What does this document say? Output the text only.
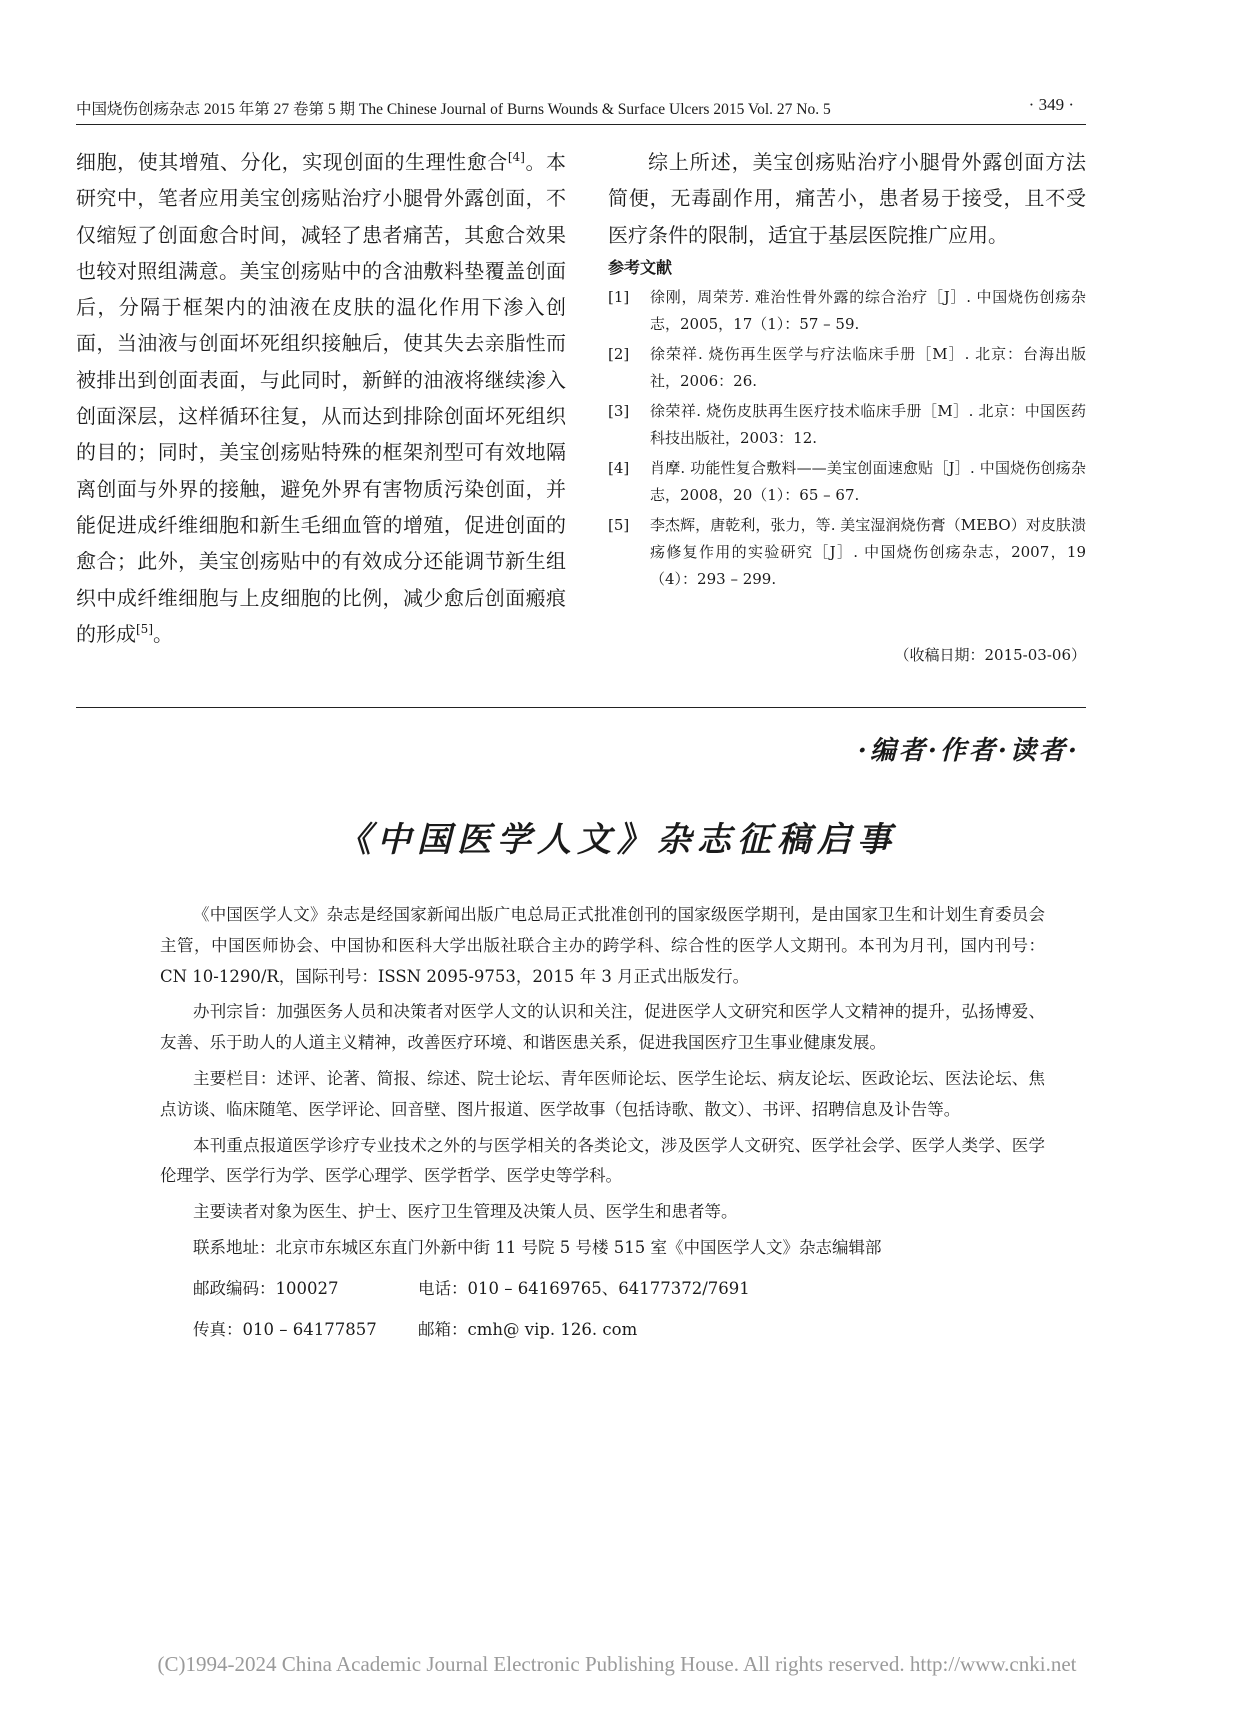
中国烧伤创疡杂志 2015 年第 27 卷第 5 期 The Chinese Journal of Burns Wounds & Surface Ulcers 2015 Vol. 27 No. 5	· 349 ·

细胞，使其增殖、分化，实现创面的生理性愈合[4]。本研究中，笔者应用美宝创疡贴治疗小腿骨外露创面，不仅缩短了创面愈合时间，减轻了患者痛苦，其愈合效果也较对照组满意。美宝创疡贴中的含油敷料垫覆盖创面后，分隔于框架内的油液在皮肤的温化作用下渗入创面，当油液与创面坏死组织接触后，使其失去亲脂性而被排出到创面表面，与此同时，新鲜的油液将继续渗入创面深层，这样循环往复，从而达到排除创面坏死组织的目的；同时，美宝创疡贴特殊的框架剂型可有效地隔离创面与外界的接触，避免外界有害物质污染创面，并能促进成纤维细胞和新生毛细血管的增殖，促进创面的愈合；此外，美宝创疡贴中的有效成分还能调节新生组织中成纤维细胞与上皮细胞的比例，减少愈后创面瘢痕的形成[5]。

综上所述，美宝创疡贴治疗小腿骨外露创面方法简便，无毒副作用，痛苦小，患者易于接受，且不受医疗条件的限制，适宜于基层医院推广应用。

参考文献

[1] 徐刚，周荣芳. 难治性骨外露的综合治疗［J］. 中国烧伤创疡杂志，2005，17（1）：57 – 59.

[2] 徐荣祥. 烧伤再生医学与疗法临床手册［M］. 北京：台海出版社，2006：26.

[3] 徐荣祥. 烧伤皮肤再生医疗技术临床手册［M］. 北京：中国医药科技出版社，2003：12.

[4] 肖摩. 功能性复合敷料——美宝创面速愈贴［J］. 中国烧伤创疡杂志，2008，20（1）：65 – 67.

[5] 李杰辉，唐乾利，张力，等. 美宝湿润烧伤膏（MEBO）对皮肤溃疡修复作用的实验研究［J］. 中国烧伤创疡杂志，2007，19（4）：293 – 299.

（收稿日期：2015-03-06）
·编者·作者·读者·
《中国医学人文》杂志征稿启事

《中国医学人文》杂志是经国家新闻出版广电总局正式批准创刊的国家级医学期刊，是由国家卫生和计划生育委员会主管，中国医师协会、中国协和医科大学出版社联合主办的跨学科、综合性的医学人文期刊。本刊为月刊，国内刊号：CN 10-1290/R，国际刊号：ISSN 2095-9753，2015 年 3 月正式出版发行。

办刊宗旨：加强医务人员和决策者对医学人文的认识和关注，促进医学人文研究和医学人文精神的提升，弘扬博爱、友善、乐于助人的人道主义精神，改善医疗环境、和谐医患关系，促进我国医疗卫生事业健康发展。

主要栏目：述评、论著、简报、综述、院士论坛、青年医师论坛、医学生论坛、病友论坛、医政论坛、医法论坛、焦点访谈、临床随笔、医学评论、回音壁、图片报道、医学故事（包括诗歌、散文）、书评、招聘信息及讣告等。

本刊重点报道医学诊疗专业技术之外的与医学相关的各类论文，涉及医学人文研究、医学社会学、医学人类学、医学伦理学、医学行为学、医学心理学、医学哲学、医学史等学科。

主要读者对象为医生、护士、医疗卫生管理及决策人员、医学生和患者等。

联系地址：北京市东城区东直门外新中街 11 号院 5 号楼 515 室《中国医学人文》杂志编辑部

邮政编码：100027	电话：010 – 64169765、64177372/7691
传真：010 – 64177857	邮箱：cmh@ vip. 126. com
(C)1994-2024 China Academic Journal Electronic Publishing House. All rights reserved. http://www.cnki.net
